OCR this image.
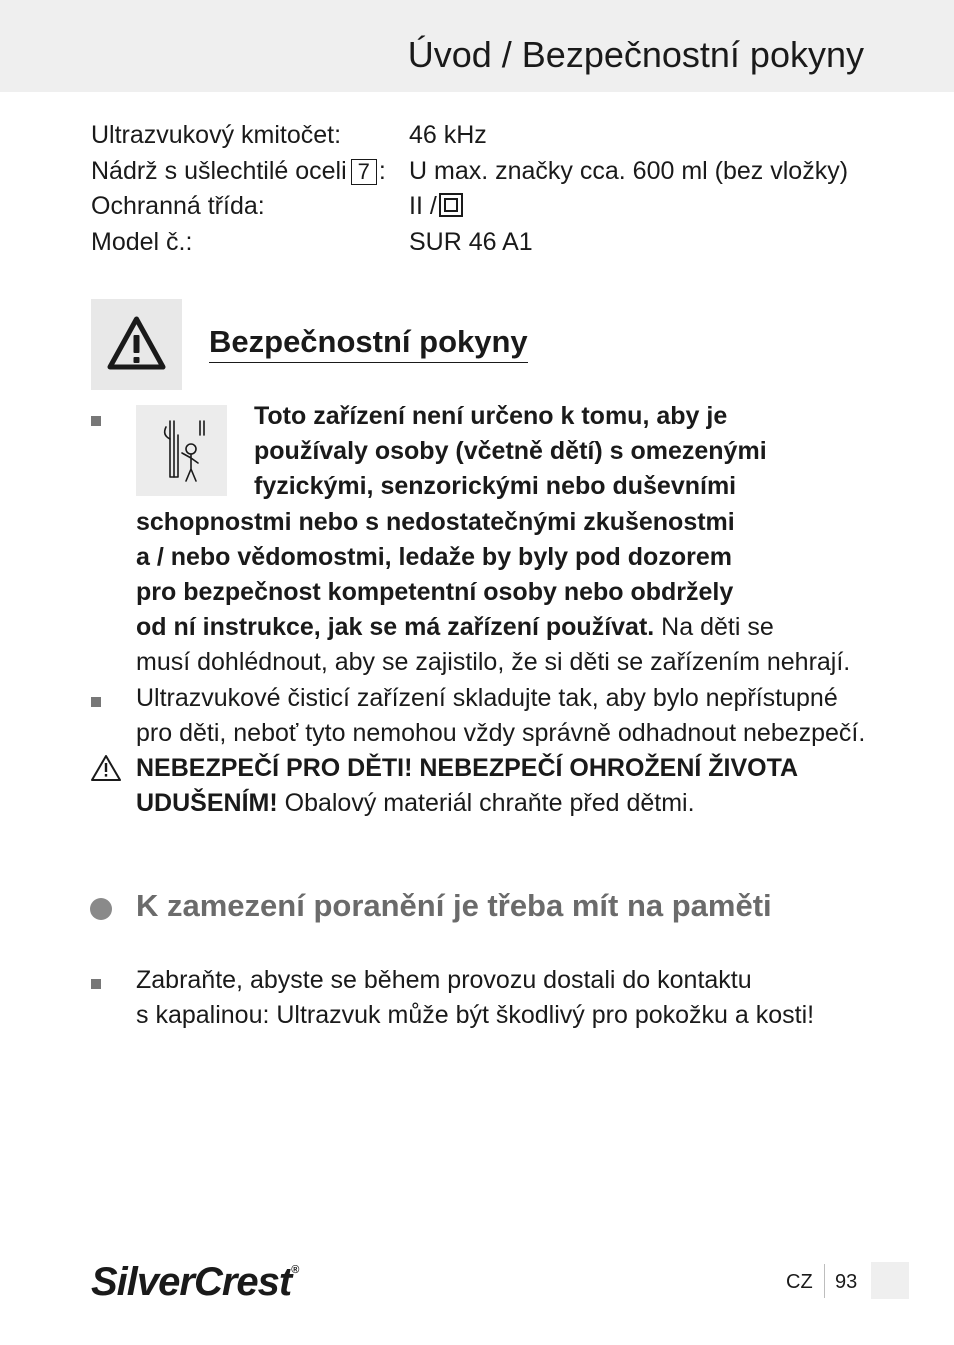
Úvod / Bezpečnostní pokyny
Ultrazvukový kmitočet:	46 kHz
Nádrž s ušlechtilé oceli 7 : U max. značky cca. 600 ml (bez vložky)
Ochranná třída:	II /
Model č.:	SUR 46 A1
Bezpečnostní pokyny
Toto zařízení není určeno k tomu, aby je
používaly osoby (včetně dětí) s omezenými
fyzickými, senzorickými nebo duševními
schopnostmi nebo s nedostatečnými zkušenostmi
a / nebo vědomostmi, ledaže by byly pod dozorem
pro bezpečnost kompetentní osoby nebo obdržely
od ní instrukce, jak se má zařízení používat. Na děti se
musí dohlédnout, aby se zajistilo, že si děti se zařízením nehrají.
Ultrazvukové čisticí zařízení skladujte tak, aby bylo nepřístupné
pro děti, neboť tyto nemohou vždy správně odhadnout nebezpečí.
NEBEZPEČÍ PRO DĚTI! NEBEZPEČÍ OHROŽENÍ ŽIVOTA
UDUŠENÍM! Obalový materiál chraňte před dětmi.
K zamezení poranění je třeba mít na paměti
Zabraňte, abyste se během provozu dostali do kontaktu
s kapalinou: Ultrazvuk může být škodlivý pro pokožku a kosti!
SilverCrest®
CZ 93
